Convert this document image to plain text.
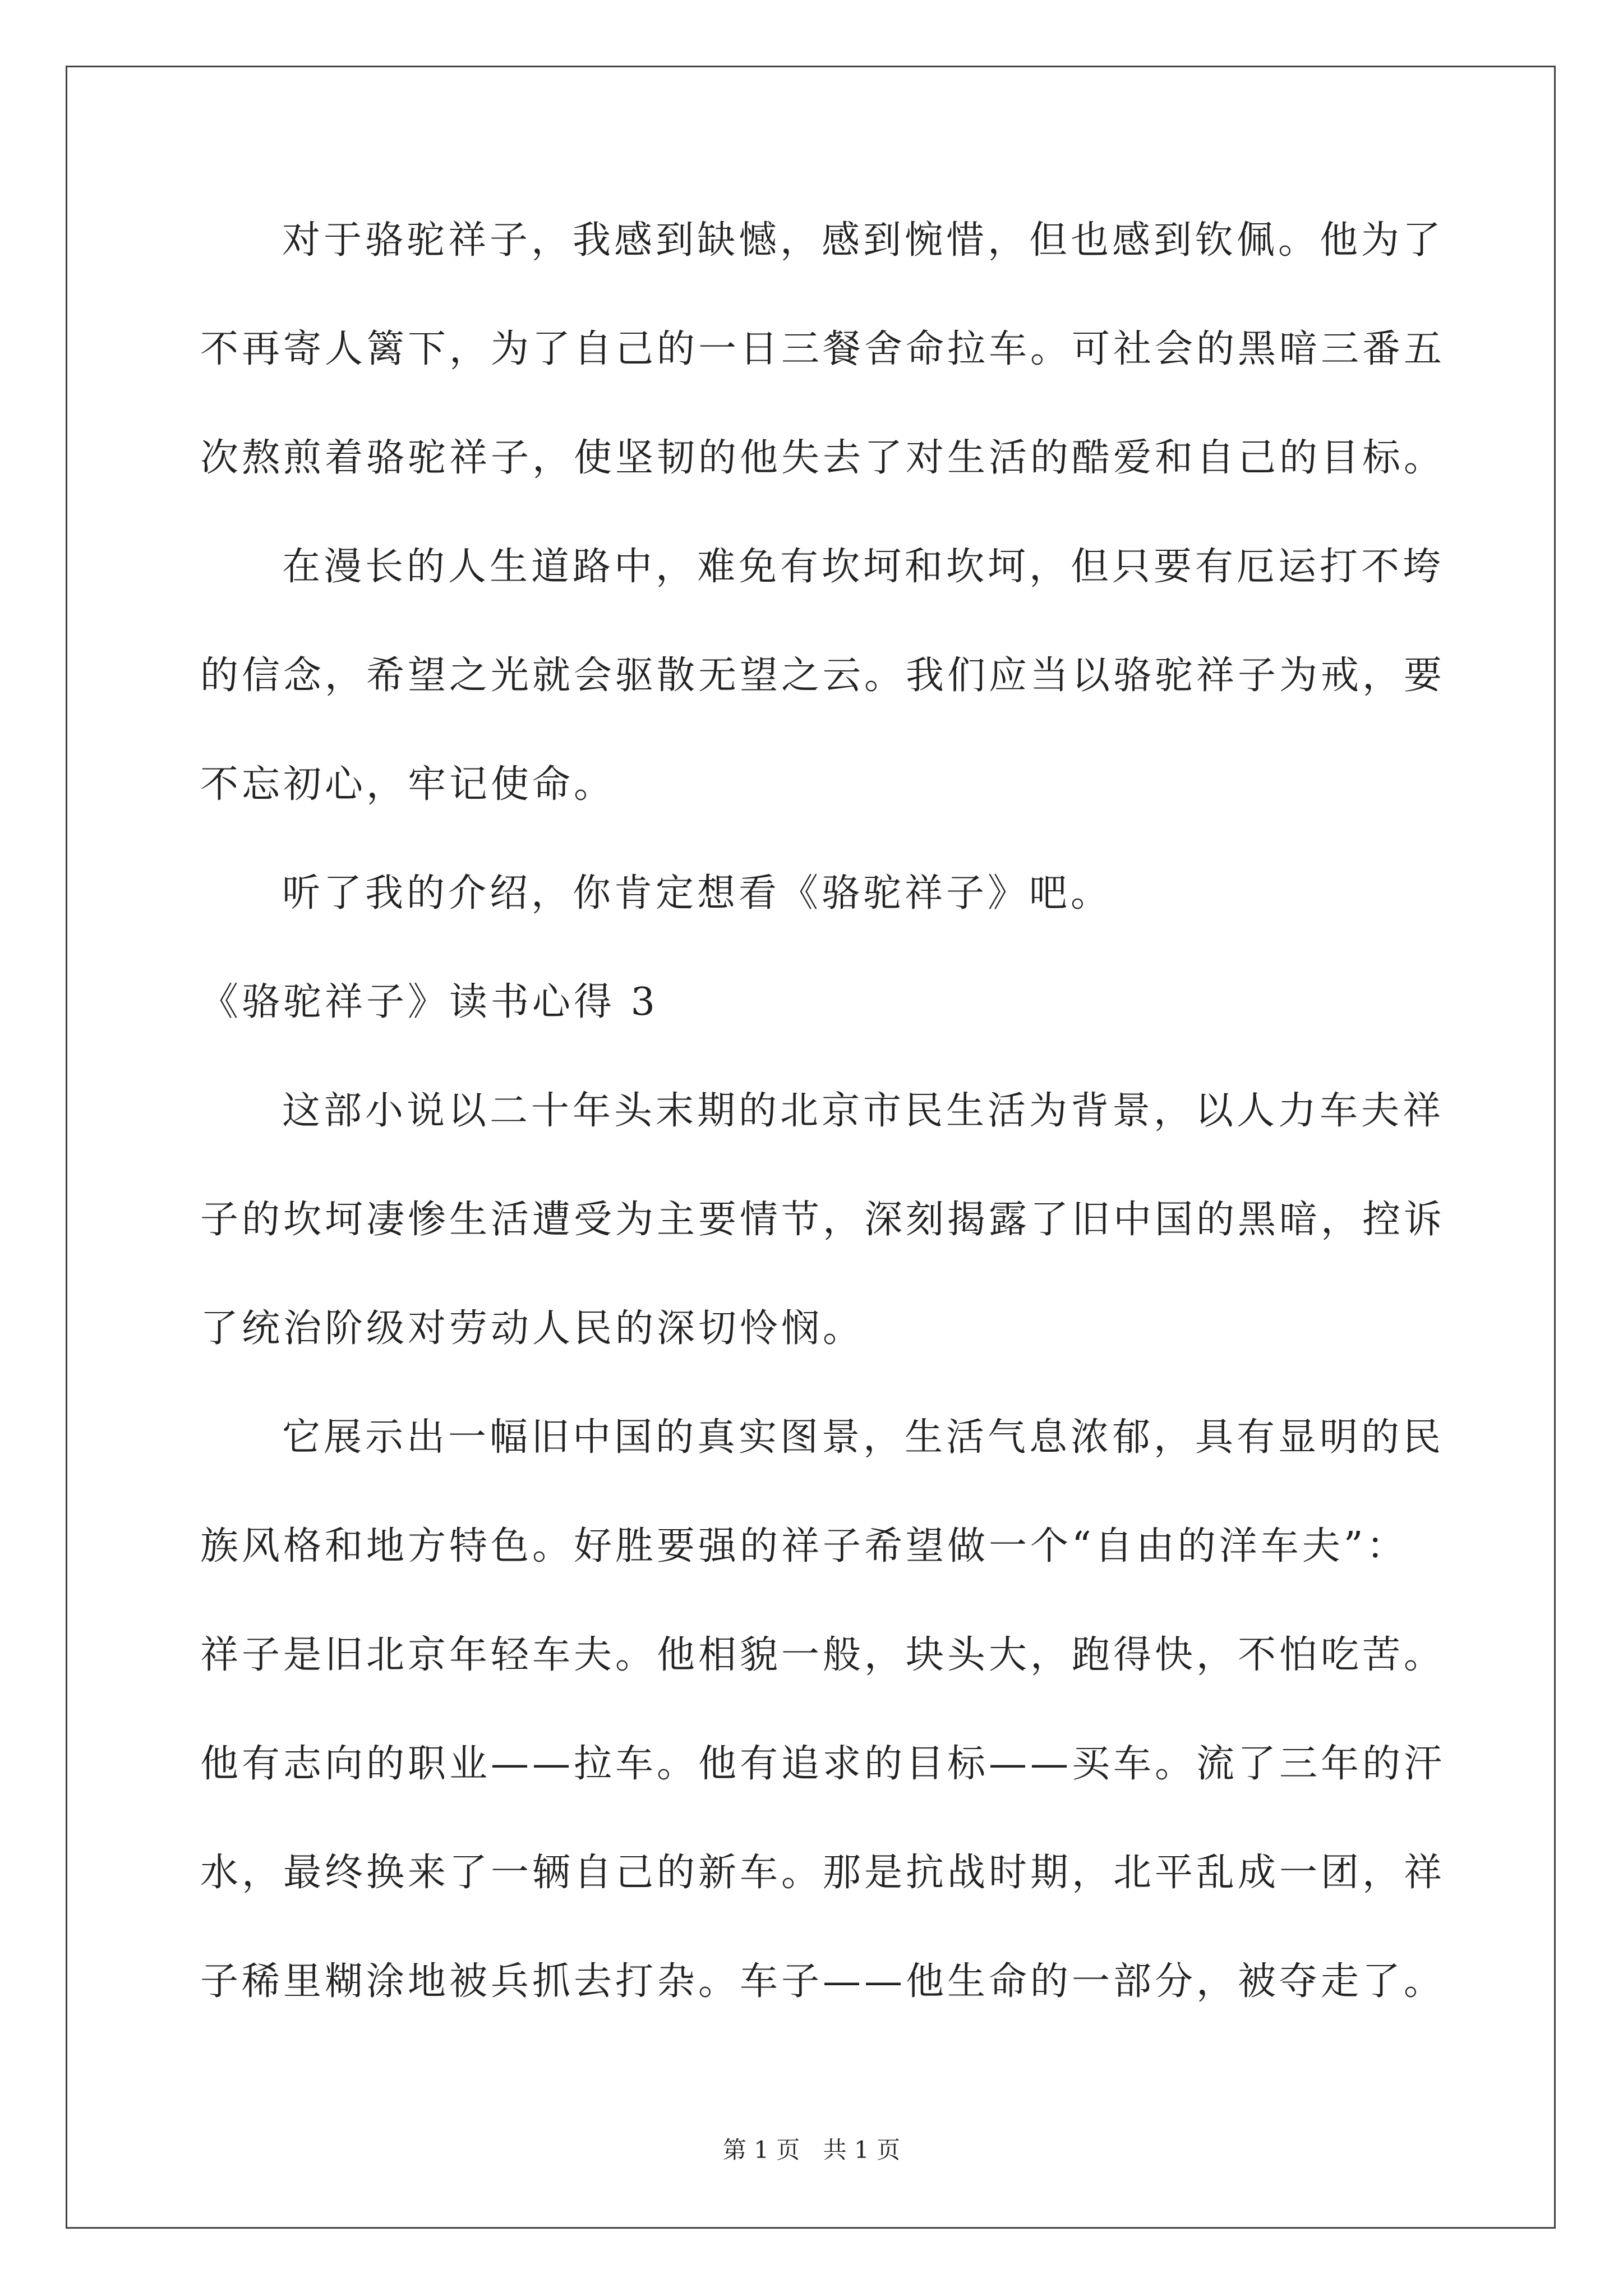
对于骆驼祥子，我感到缺憾，感到惋惜，但也感到钦佩。他为了
不再寄人篱下，为了自己的一日三餐舍命拉车。可社会的黑暗三番五
次熬煎着骆驼祥子，使坚韧的他失去了对生活的酷爱和自己的目标。
在漫长的人生道路中，难免有坎坷和坎坷，但只要有厄运打不垮
的信念，希望之光就会驱散无望之云。我们应当以骆驼祥子为戒，要
不忘初心，牢记使命。
听了我的介绍，你肯定想看《骆驼祥子》吧。
《骆驼祥子》读书心得 3
这部小说以二十年头末期的北京市民生活为背景，以人力车夫祥
子的坎坷凄惨生活遭受为主要情节，深刻揭露了旧中国的黑暗，控诉
了统治阶级对劳动人民的深切怜悯。
它展示出一幅旧中国的真实图景，生活气息浓郁，具有显明的民
族风格和地方特色。好胜要强的祥子希望做一个“自由的洋车夫”：
祥子是旧北京年轻车夫。他相貌一般，块头大，跑得快，不怕吃苦。
他有志向的职业——拉车。他有追求的目标——买车。流了三年的汗
水，最终换来了一辆自己的新车。那是抗战时期，北平乱成一团，祥
子稀里糊涂地被兵抓去打杂。车子——他生命的一部分，被夺走了。
第 1 页 共 1 页
